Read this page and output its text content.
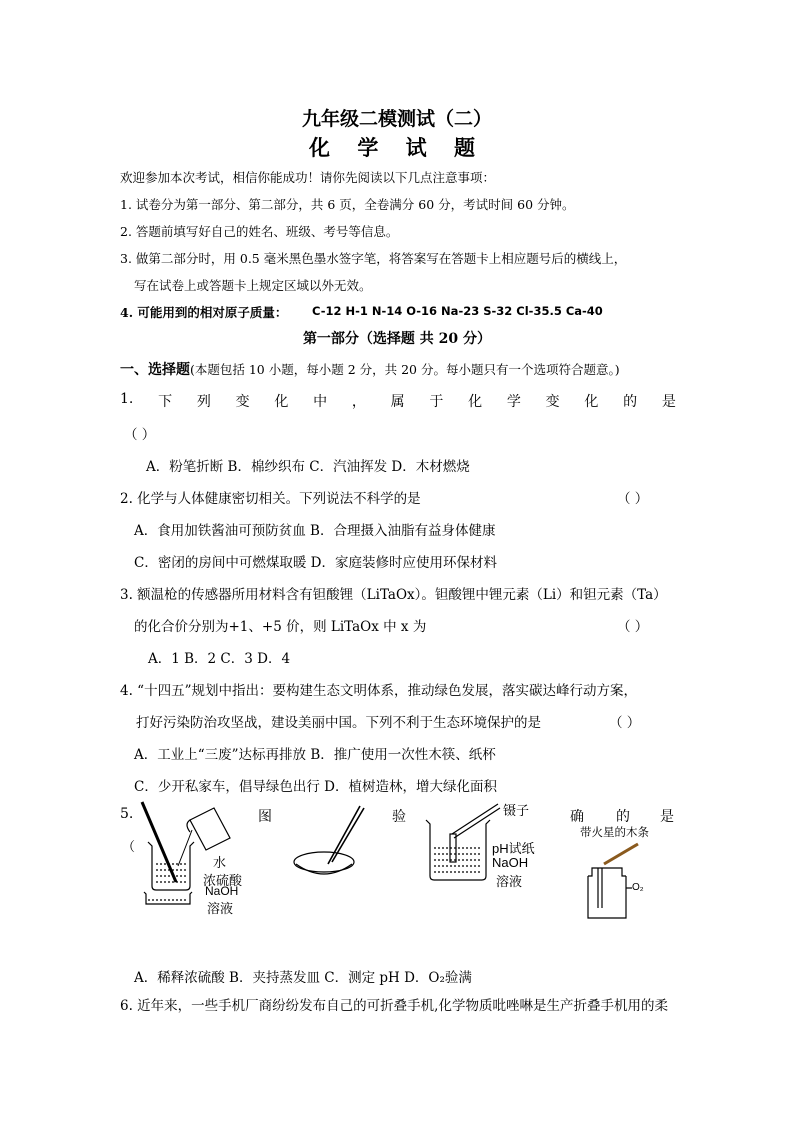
九年级二模测试（二）
化 学 试 题
欢迎参加本次考试，相信你能成功！请你先阅读以下几点注意事项：
1. 试卷分为第一部分、第二部分，共 6 页，全卷满分 60 分，考试时间 60 分钟。
2. 答题前填写好自己的姓名、班级、考号等信息。
3. 做第二部分时，用 0.5 毫米黑色墨水签字笔，将答案写在答题卡上相应题号后的横线上，
写在试卷上或答题卡上规定区域以外无效。
4. 可能用到的相对原子质量： C-12 H-1 N-14 O-16 Na-23 S-32 Cl-35.5 Ca-40
第一部分（选择题 共 20 分）
一、选择题(本题包括 10 小题，每小题 2 分，共 20 分。每小题只有一个选项符合题意。)
1. 下 列 变 化 中 ， 属 于 化 学 变 化 的 是
（ ）
A．粉笔折断 B．棉纱织布 C．汽油挥发 D．木材燃烧
2. 化学与人体健康密切相关。下列说法不科学的是	（ ）
A．食用加铁酱油可预防贫血 B．合理摄入油脂有益身体健康
C．密闭的房间中可燃煤取暖 D．家庭装修时应使用环保材料
3. 额温枪的传感器所用材料含有钽酸锂（LiTaOx）。钽酸锂中锂元素（Li）和钽元素（Ta）
的化合价分别为+1、+5 价，则 LiTaOx 中 x 为	（ ）
A．1 B．2 C．3 D．4
4. “十四五”规划中指出：要构建生态文明体系，推动绿色发展，落实碳达峰行动方案，
打好污染防治攻坚战，建设美丽中国。下列不利于生态环境保护的是	（ ）
A．工业上“三废”达标再排放 B．推广使用一次性木筷、纸杯
C．少开私家车，倡导绿色出行 D．植树造林，增大绿化面积
5.	图	验	确 的 是
（
水
浓硫酸
NaOH
溶液
镊子
pH试纸
NaOH
溶液
带火星的木条
O₂
A．稀释浓硫酸 B．夹持蒸发皿 C．测定 pH D．O₂验满
6. 近年来，一些手机厂商纷纷发布自己的可折叠手机,化学物质吡唑啉是生产折叠手机用的柔
